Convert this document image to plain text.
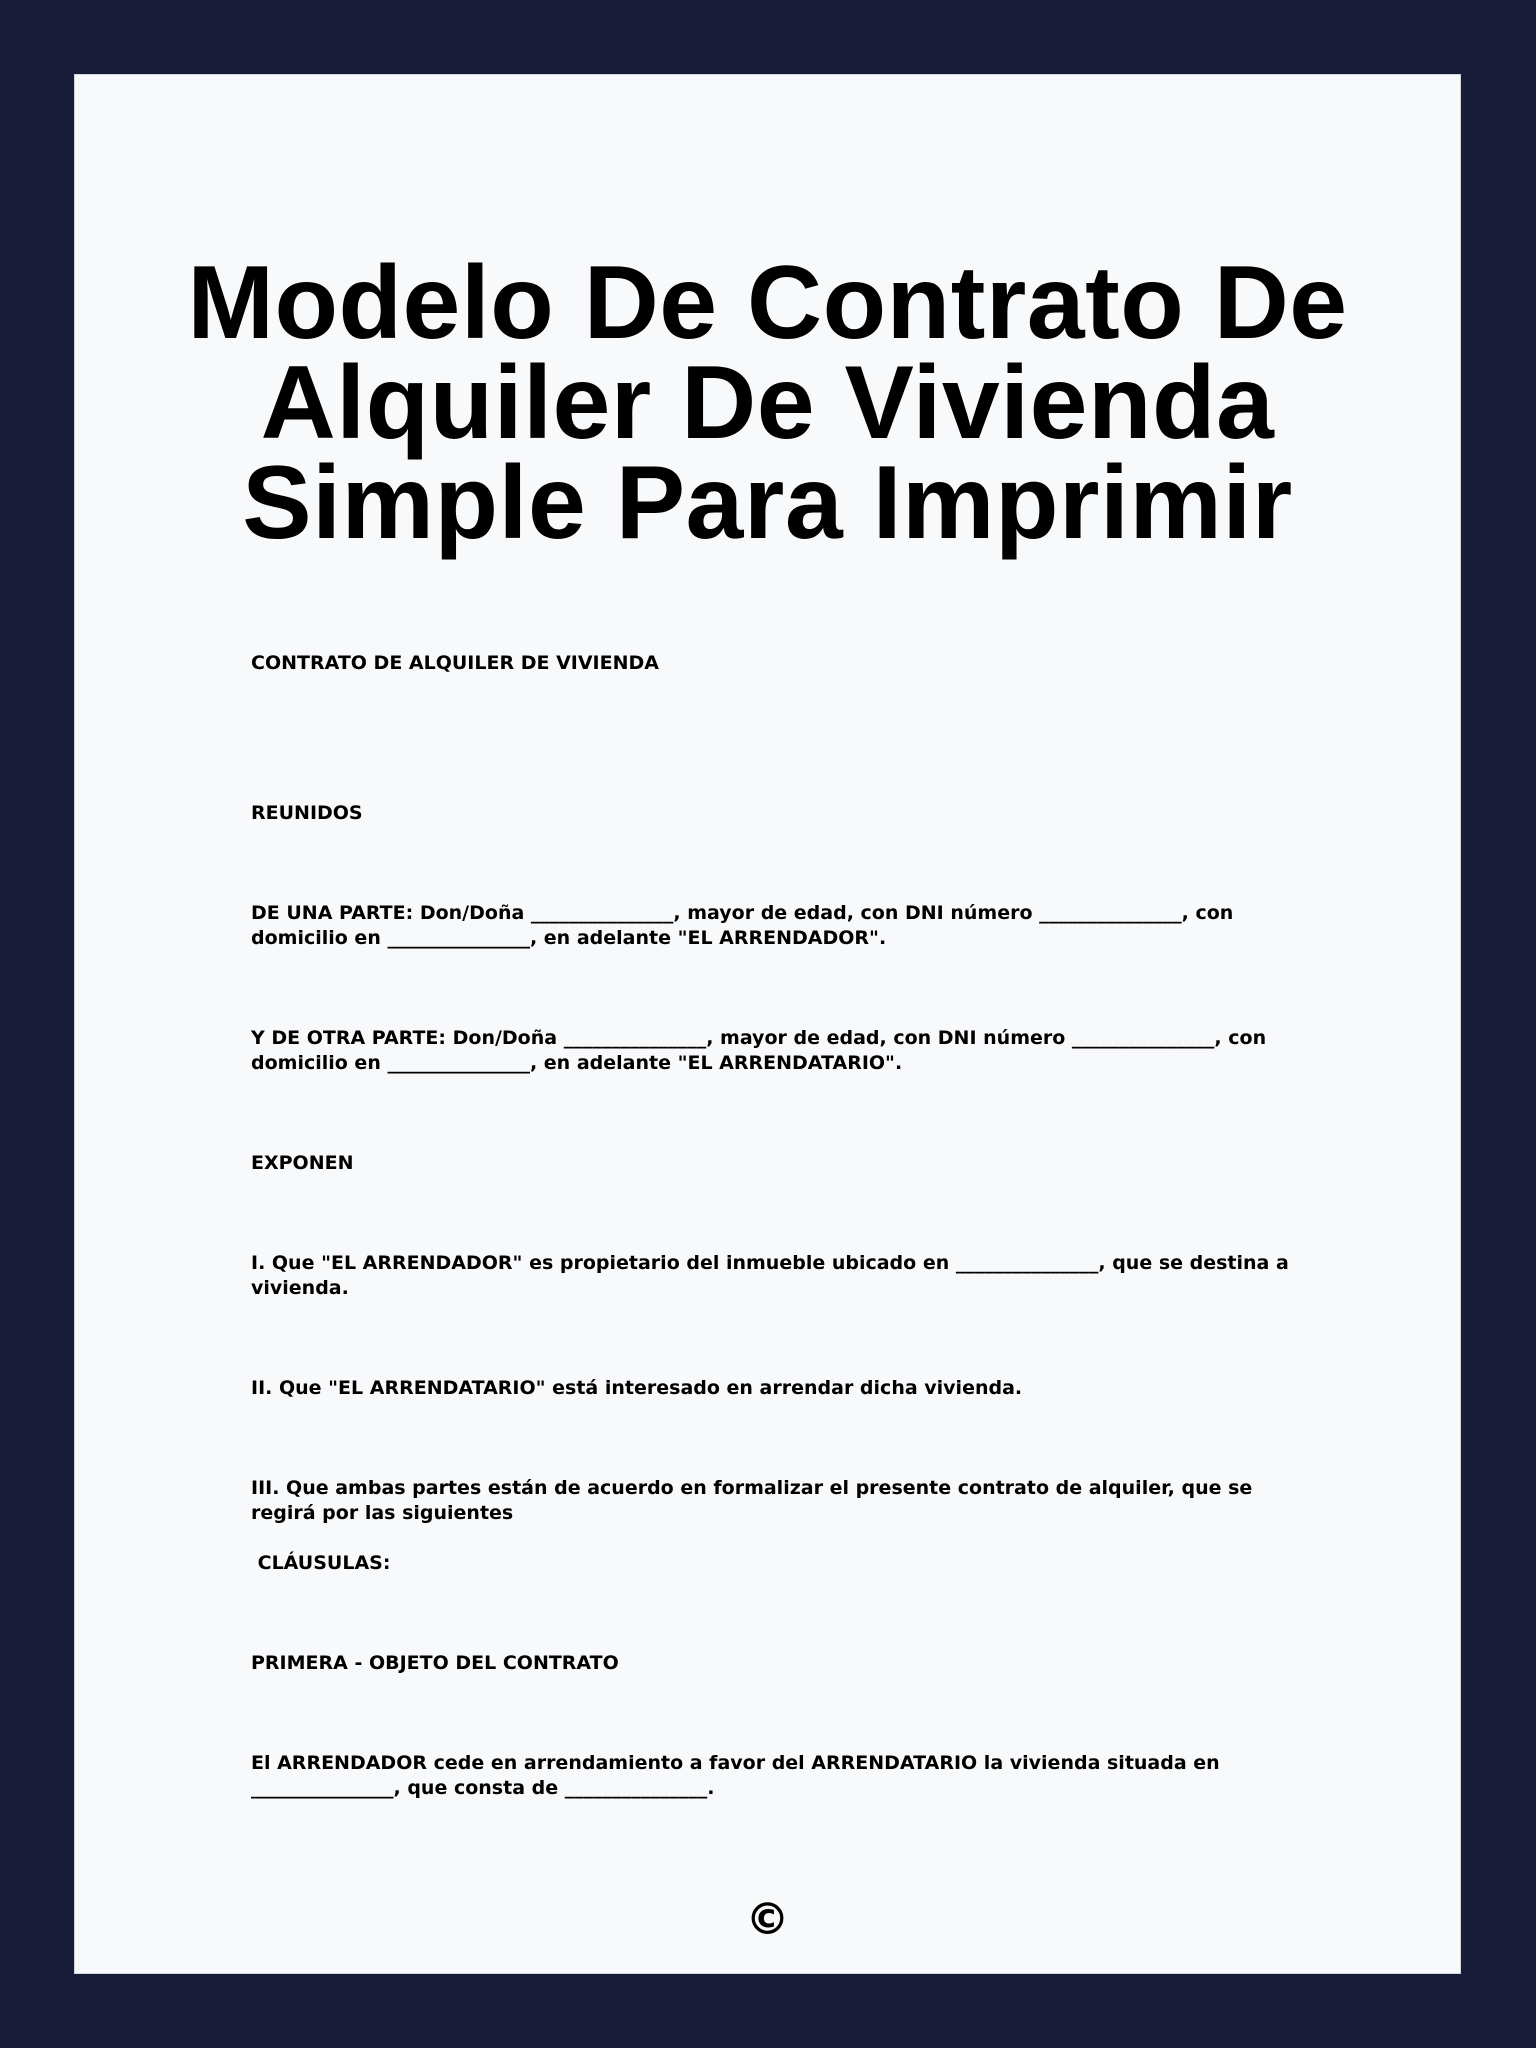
Modelo De Contrato De Alquiler De Vivienda Simple Para Imprimir

CONTRATO DE ALQUILER DE VIVIENDA

REUNIDOS

DE UNA PARTE: Don/Doña _______________, mayor de edad, con DNI número _______________, con domicilio en _______________, en adelante "EL ARRENDADOR".

Y DE OTRA PARTE: Don/Doña _______________, mayor de edad, con DNI número _______________, con domicilio en _______________, en adelante "EL ARRENDATARIO".

EXPONEN

I. Que "EL ARRENDADOR" es propietario del inmueble ubicado en _______________, que se destina a vivienda.

II. Que "EL ARRENDATARIO" está interesado en arrendar dicha vivienda.

III. Que ambas partes están de acuerdo en formalizar el presente contrato de alquiler, que se regirá por las siguientes

CLÁUSULAS:

PRIMERA - OBJETO DEL CONTRATO

El ARRENDADOR cede en arrendamiento a favor del ARRENDATARIO la vivienda situada en _______________, que consta de _______________.

©
